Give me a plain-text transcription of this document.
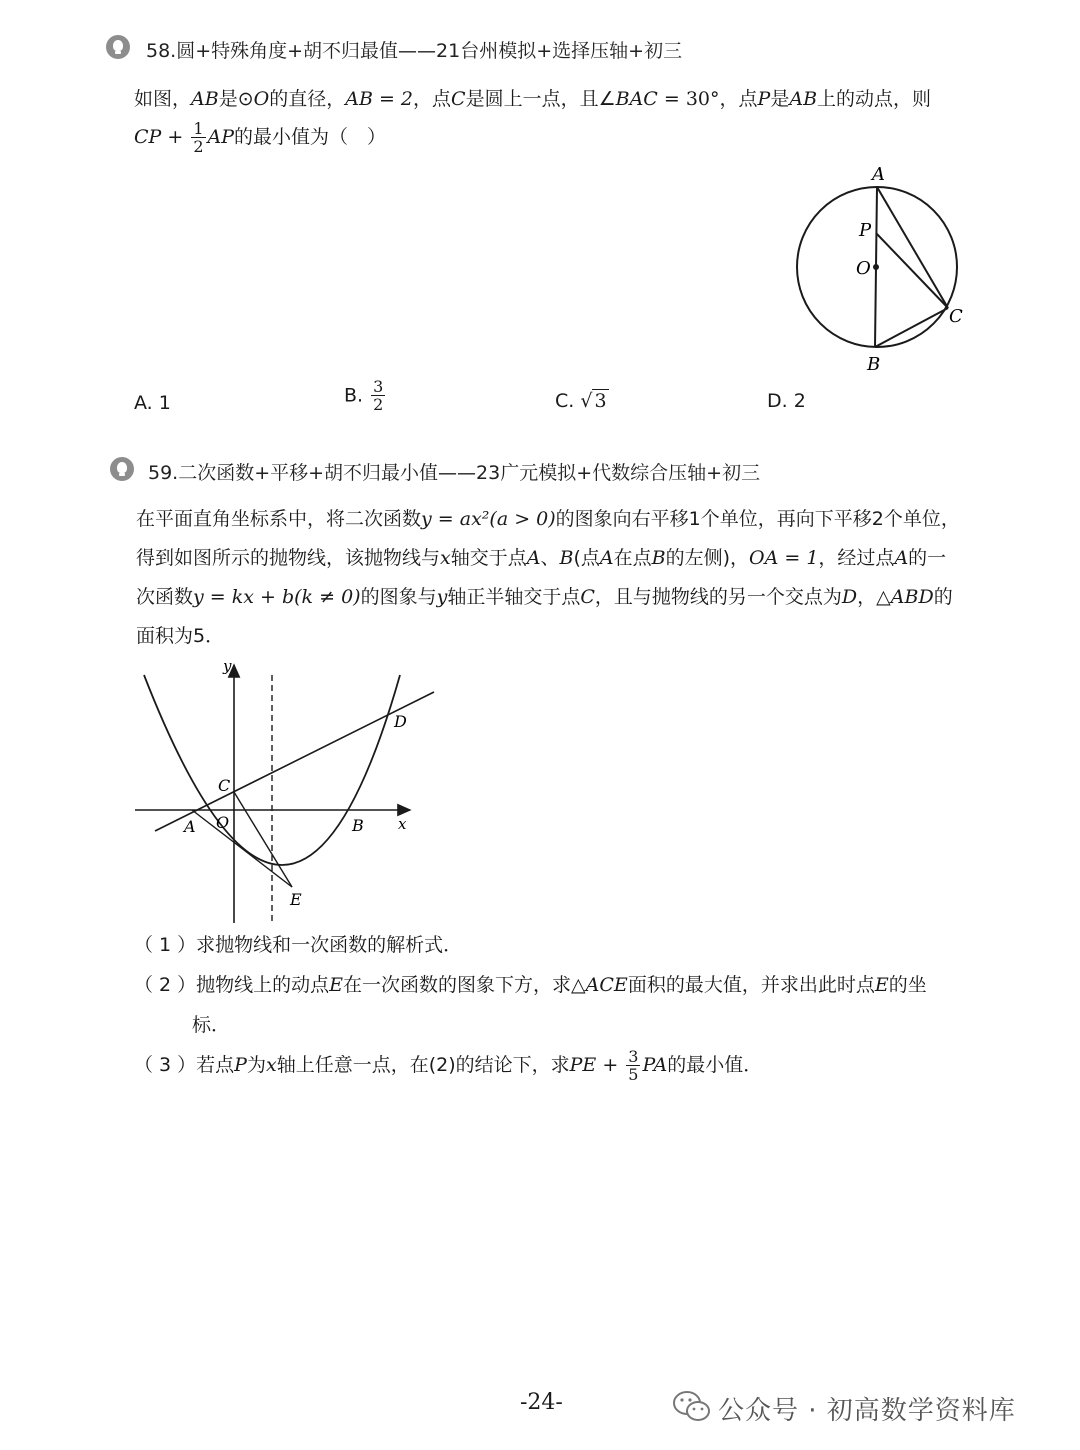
58.圆+特殊角度+胡不归最值——21台州模拟+选择压轴+初三
如图，AB是⊙O的直径，AB = 2，点C是圆上一点，且∠BAC = 30°，点P是AB上的动点，则
CP + $\frac{1}{2}$ AP的最小值为（　）
A
P
O
C
B
A. 1	B. $\frac{3}{2}$	C. √ 3	D. 2
59.二次函数+平移+胡不归最小值——23广元模拟+代数综合压轴+初三
在平面直角坐标系中，将二次函数y = ax²(a > 0)的图象向右平移1个单位，再向下平移2个单位，
得到如图所示的抛物线，该抛物线与x轴交于点A、B(点A在点B的左侧)，OA = 1，经过点A的一
次函数y = kx + b(k ≠ 0)的图象与y轴正半轴交于点C，且与抛物线的另一个交点为D，△ABD的
面积为5．
y
x
D
C
A O	B
E
（ 1 ）求抛物线和一次函数的解析式．
（ 2 ）抛物线上的动点E在一次函数的图象下方，求△ACE面积的最大值，并求出此时点E的坐
标．
（ 3 ）若点P为x轴上任意一点，在(2)的结论下，求PE + $\frac{3}{5}$ PA的最小值．
-24-	公众号 · 初高数学资料库
